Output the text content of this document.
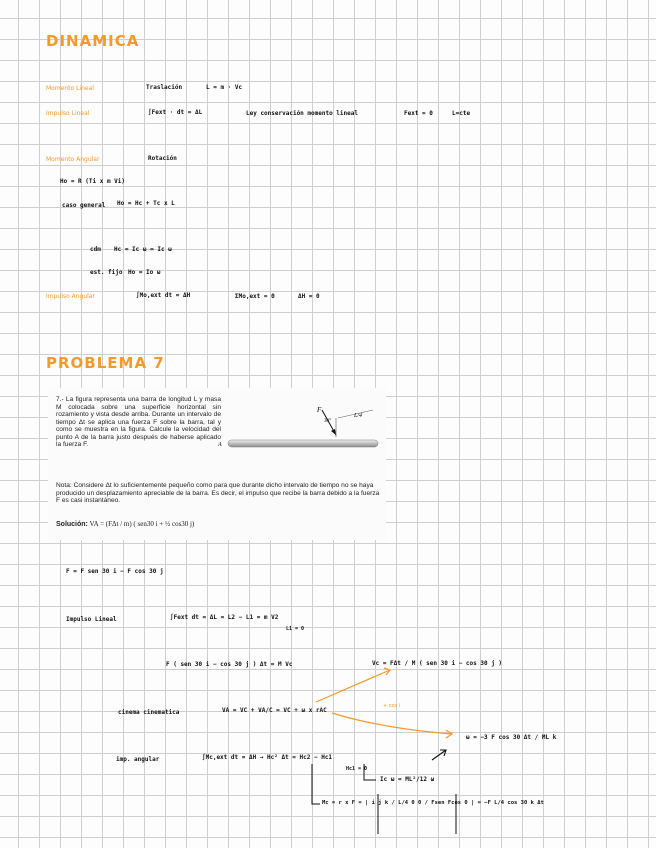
DINAMICA
Momento Lineal	Traslación	L = m · Vc
Impulso Lineal	∫Fext · dt = ΔL	Ley conservación momento lineal	Fext = 0	L=cte
Momento Angular	Rotación
Ho = R (Ti x m Vi)
caso general Ho = Hc + Tc x L
cdm Hc = Ic ω = Ic ω
est. fijo Ho = Io ω
Impulso Angular	∫Mo,ext dt = ΔH	ΣMo,ext = 0	ΔH = 0
PROBLEMA 7

7.- La figura representa una barra de longitud L y masa M colocada sobre una superficie horizontal sin rozamiento y vista desde arriba. Durante un intervalo de tiempo Δt se aplica una fuerza F sobre la barra, tal y como se muestra en la figura. Calcule la velocidad del punto A de la barra justo después de haberse aplicado la fuerza F.

F
30°
L/4
A

Nota: Considere Δt lo suficientemente pequeño como para que durante dicho intervalo de tiempo no se haya producido un desplazamiento apreciable de la barra. Es decir, el impulso que recibe la barra debido a la fuerza F es casi instantáneo.

Solución: VA = (FΔt / m) ( sen30 i + ½ cos30 j)
F = F sen 30 i − F cos 30 j
Impulso Lineal	∫Fext dt = ΔL = L2 − L1 = m V2
L1 = 0
F ( sen 30 i − cos 30 j ) Δt = M Vc	Vc = FΔt / M ( sen 30 i − cos 30 j )
cinema cinematica	VA = VC + VA/C = VC + ω x rAC
+ cos i
ω = −3 F cos 30 Δt / ML k
imp. angular	∫Mc,ext dt = ΔH → Hc² Δt = Hc2 − Hc1
Hc1 = 0
Ic ω = ML²/12 ω
Mc = r x F = | i j k / L/4 0 0 / Fsen Fcos 0 | = −F L/4 cos 30 k Δt
